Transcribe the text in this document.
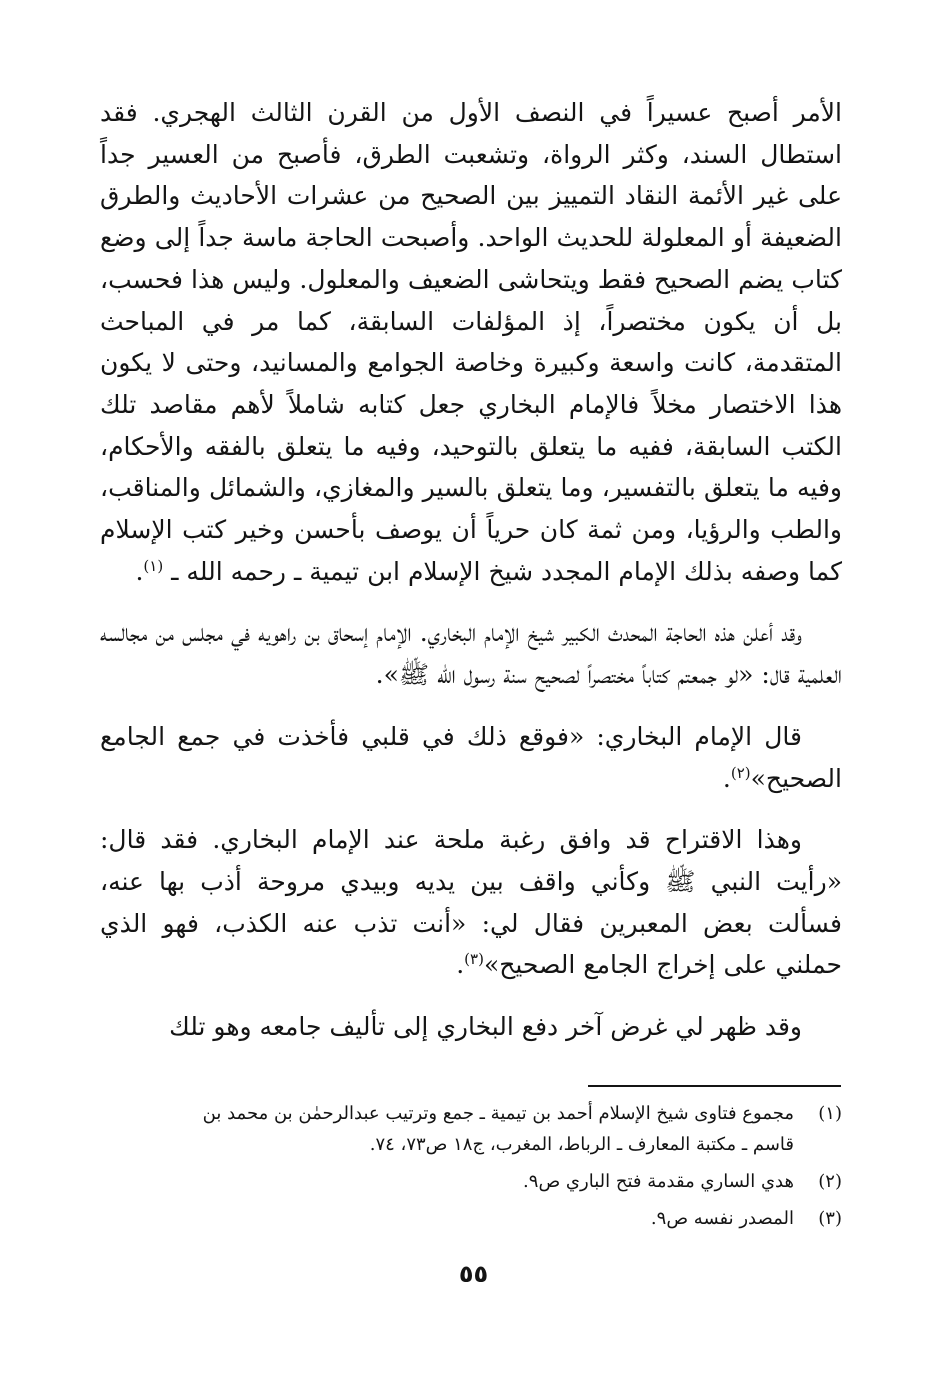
الأمر أصبح عسيراً في النصف الأول من القرن الثالث الهجري. فقد استطال السند، وكثر الرواة، وتشعبت الطرق، فأصبح من العسير جداً على غير الأئمة النقاد التمييز بين الصحيح من عشرات الأحاديث والطرق الضعيفة أو المعلولة للحديث الواحد. وأصبحت الحاجة ماسة جداً إلى وضع كتاب يضم الصحيح فقط ويتحاشى الضعيف والمعلول. وليس هذا فحسب، بل أن يكون مختصراً، إذ المؤلفات السابقة، كما مر في المباحث المتقدمة، كانت واسعة وكبيرة وخاصة الجوامع والمسانيد، وحتى لا يكون هذا الاختصار مخلاً فالإمام البخاري جعل كتابه شاملاً لأهم مقاصد تلك الكتب السابقة، ففيه ما يتعلق بالتوحيد، وفيه ما يتعلق بالفقه والأحكام، وفيه ما يتعلق بالتفسير، وما يتعلق بالسير والمغازي، والشمائل والمناقب، والطب والرؤيا، ومن ثمة كان حرياً أن يوصف بأحسن وخير كتب الإسلام كما وصفه بذلك الإمام المجدد شيخ الإسلام ابن تيمية ـ رحمه الله ـ $^{(١)}$.

وقد أعلن هذه الحاجة المحدث الكبير شيخ الإمام البخاري. الإمام إسحاق بن راهويه في مجلس من مجالسه العلمية قال: «لو جمعتم كتاباً مختصراً لصحيح سنة رسول الله ﷺ».

قال الإمام البخاري: «فوقع ذلك في قلبي فأخذت في جمع الجامع الصحيح»$^{(٢)}$.

وهذا الاقتراح قد وافق رغبة ملحة عند الإمام البخاري. فقد قال: «رأيت النبي ﷺ وكأني واقف بين يديه وبيدي مروحة أذب بها عنه، فسألت بعض المعبرين فقال لي: «أنت تذب عنه الكذب، فهو الذي حملني على إخراج الجامع الصحيح»$^{(٣)}$.

وقد ظهر لي غرض آخر دفع البخاري إلى تأليف جامعه وهو تلك

(١)مجموع فتاوى شيخ الإسلام أحمد بن تيمية ـ جمع وترتيب عبدالرحمٰن بن محمد بن
قاسم ـ مكتبة المعارف ـ الرباط، المغرب، ج١٨ ص٧٣، ٧٤.
(٢)هدي الساري مقدمة فتح الباري ص٩.
(٣)المصدر نفسه ص٩.
٥٥
